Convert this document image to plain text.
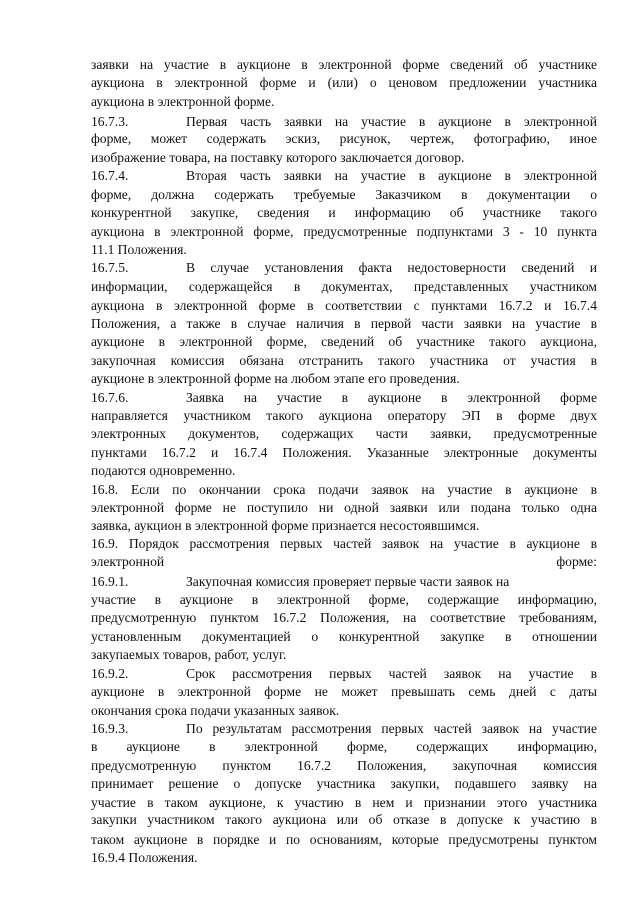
заявки на участие в аукционе в электронной форме сведений об участнике
аукциона в электронной форме и (или) о ценовом предложении участника
аукциона в электронной форме.
16.7.3.	Первая часть заявки на участие в аукционе в электронной
форме, может содержать эскиз, рисунок, чертеж, фотографию, иное
изображение товара, на поставку которого заключается договор.
16.7.4.	Вторая часть заявки на участие в аукционе в электронной
форме, должна содержать требуемые Заказчиком в документации о
конкурентной закупке, сведения и информацию об участнике такого
аукциона в электронной форме, предусмотренные подпунктами 3 - 10 пункта
11.1 Положения.
16.7.5.	В случае установления факта недостоверности сведений и
информации, содержащейся в документах, представленных участником
аукциона в электронной форме в соответствии с пунктами 16.7.2 и 16.7.4
Положения, а также в случае наличия в первой части заявки на участие в
аукционе в электронной форме, сведений об участнике такого аукциона,
закупочная комиссия обязана отстранить такого участника от участия в
аукционе в электронной форме на любом этапе его проведения.
16.7.6.	Заявка на участие в аукционе в электронной форме
направляется участником такого аукциона оператору ЭП в форме двух
электронных документов, содержащих части заявки, предусмотренные
пунктами 16.7.2 и 16.7.4 Положения. Указанные электронные документы
подаются одновременно.
16.8. Если по окончании срока подачи заявок на участие в аукционе в
электронной форме не поступило ни одной заявки или подана только одна
заявка, аукцион в электронной форме признается несостоявшимся.
16.9. Порядок рассмотрения первых частей заявок на участие в аукционе в
электронной форме:
16.9.1.	Закупочная комиссия проверяет первые части заявок на
участие в аукционе в электронной форме, содержащие информацию,
предусмотренную пунктом 16.7.2 Положения, на соответствие требованиям,
установленным документацией о конкурентной закупке в отношении
закупаемых товаров, работ, услуг.
16.9.2.	Срок рассмотрения первых частей заявок на участие в
аукционе в электронной форме не может превышать семь дней с даты
окончания срока подачи указанных заявок.
16.9.3.	По результатам рассмотрения первых частей заявок на участие
в аукционе в электронной форме, содержащих информацию,
предусмотренную пунктом 16.7.2 Положения, закупочная комиссия
принимает решение о допуске участника закупки, подавшего заявку на
участие в таком аукционе, к участию в нем и признании этого участника
закупки участником такого аукциона или об отказе в допуске к участию в
таком аукционе в порядке и по основаниям, которые предусмотрены пунктом
16.9.4 Положения.
